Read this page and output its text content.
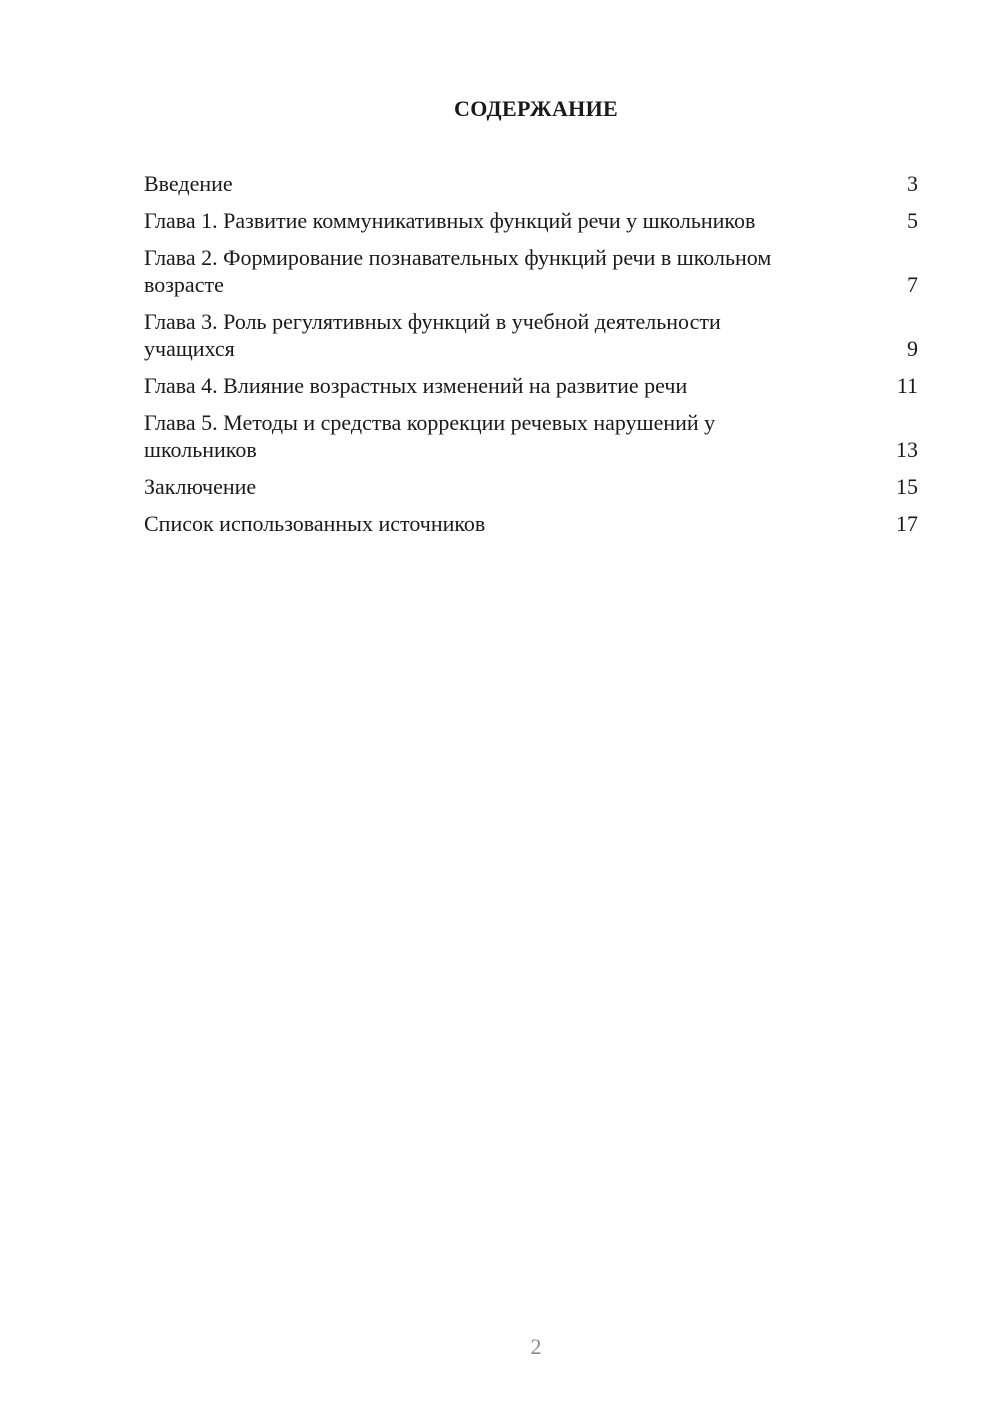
СОДЕРЖАНИЕ
Введение	3
Глава 1. Развитие коммуникативных функций речи у школьников	5
Глава 2. Формирование познавательных функций речи в школьном возрасте	7
Глава 3. Роль регулятивных функций в учебной деятельности учащихся	9
Глава 4. Влияние возрастных изменений на развитие речи	11
Глава 5. Методы и средства коррекции речевых нарушений у школьников	13
Заключение	15
Список использованных источников	17
2
